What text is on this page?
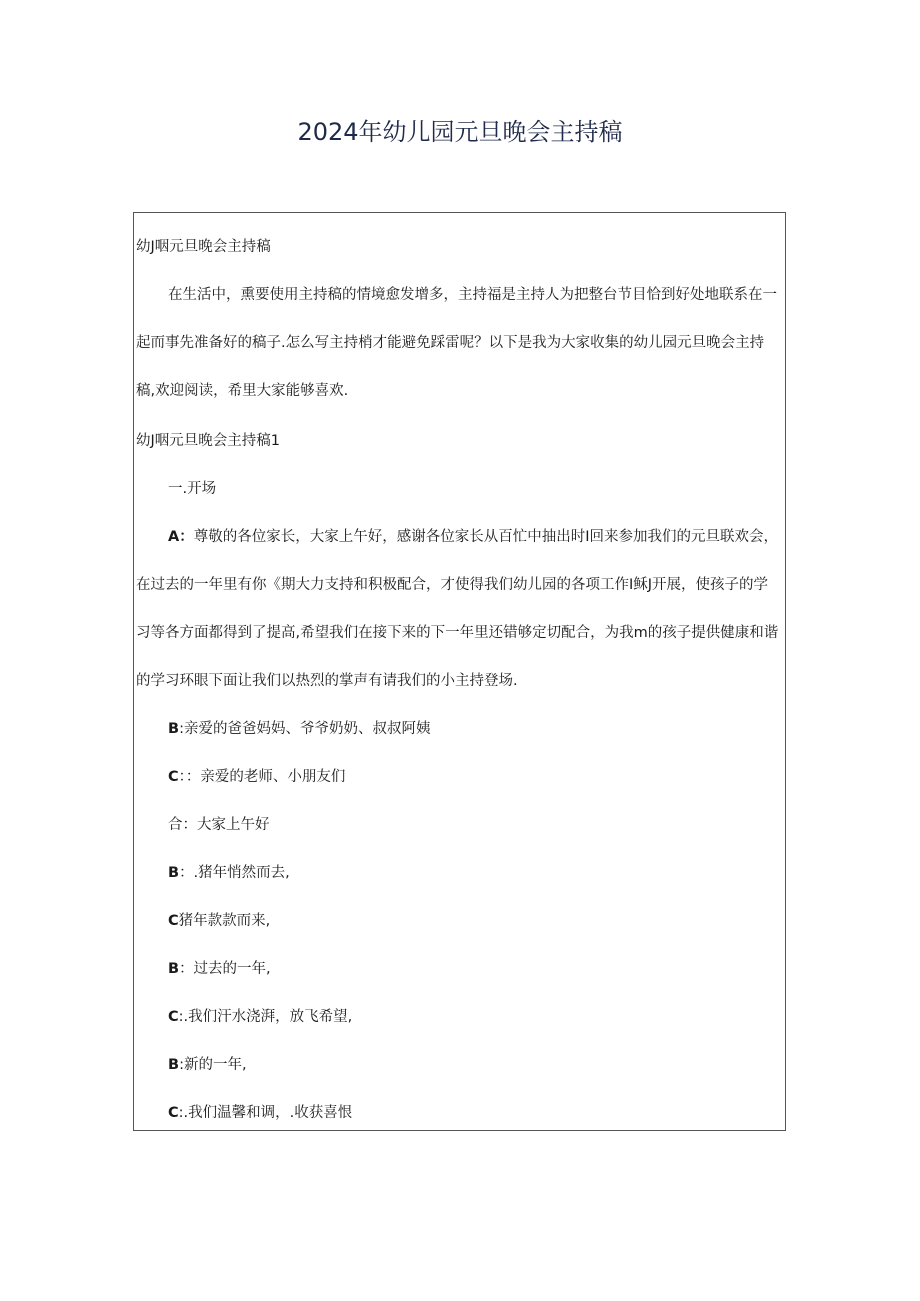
2024年幼儿园元旦晚会主持稿
幼J咽元旦晚会主持稿
在生活中，熏要使用主持稿的情境愈发增多，主持福是主持人为把整台节目恰到好处地联系在一
起而事先准备好的稿子.怎么写主持梢才能避免踩雷呢？以下是我为大家收集的幼儿园元旦晚会主持
稿,欢迎阅读，希里大家能够喜欢.
幼J咽元旦晚会主持稿1
一.开场
A：尊敬的各位家长，大家上午好，感谢各位家长从百忙中抽出时I回来参加我们的元旦联欢会，
在过去的一年里有你《期大力支持和积极配合，才使得我们幼儿园的各项工作I稣J开展，使孩子的学
习等各方面都得到了提高,希望我们在接下来的下一年里还错够定切配合，为我m的孩子提供健康和谐
的学习环眼下面让我们以热烈的掌声有请我们的小主持登场.
B:亲爱的爸爸妈妈、爷爷奶奶、叔叔阿姨
C：：亲爱的老师、小朋友们
合：大家上午好
B：.猪年悄然而去,
C猪年款款而来,
B：过去的一年,
C:.我们汗水浇湃，放飞希望,
B:新的一年,
C:.我们温馨和调，.收获喜恨
